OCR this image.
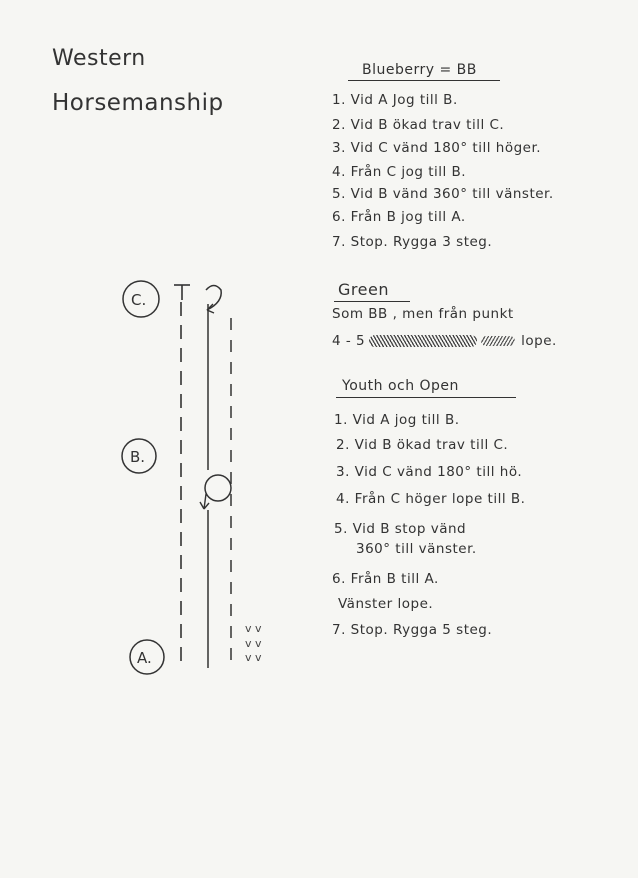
Western
Horsemanship
C.
B.
A.
v v
v v
v v
Blueberry = BB
1. Vid A Jog till B.
2. Vid B ökad trav till C.
3. Vid C vänd 180° till höger.
4. Från C jog till B.
5. Vid B vänd 360° till vänster.
6. Från B jog till A.
7. Stop. Rygga 3 steg.
Green
Som BB , men från punkt
4 - 5	lope.
Youth och Open
1. Vid A jog till B.
2. Vid B ökad trav till C.
3. Vid C vänd 180° till hö.
4. Från C höger lope till B.
5. Vid B stop vänd
360° till vänster.
6. Från B till A.
Vänster lope.
7. Stop. Rygga 5 steg.
